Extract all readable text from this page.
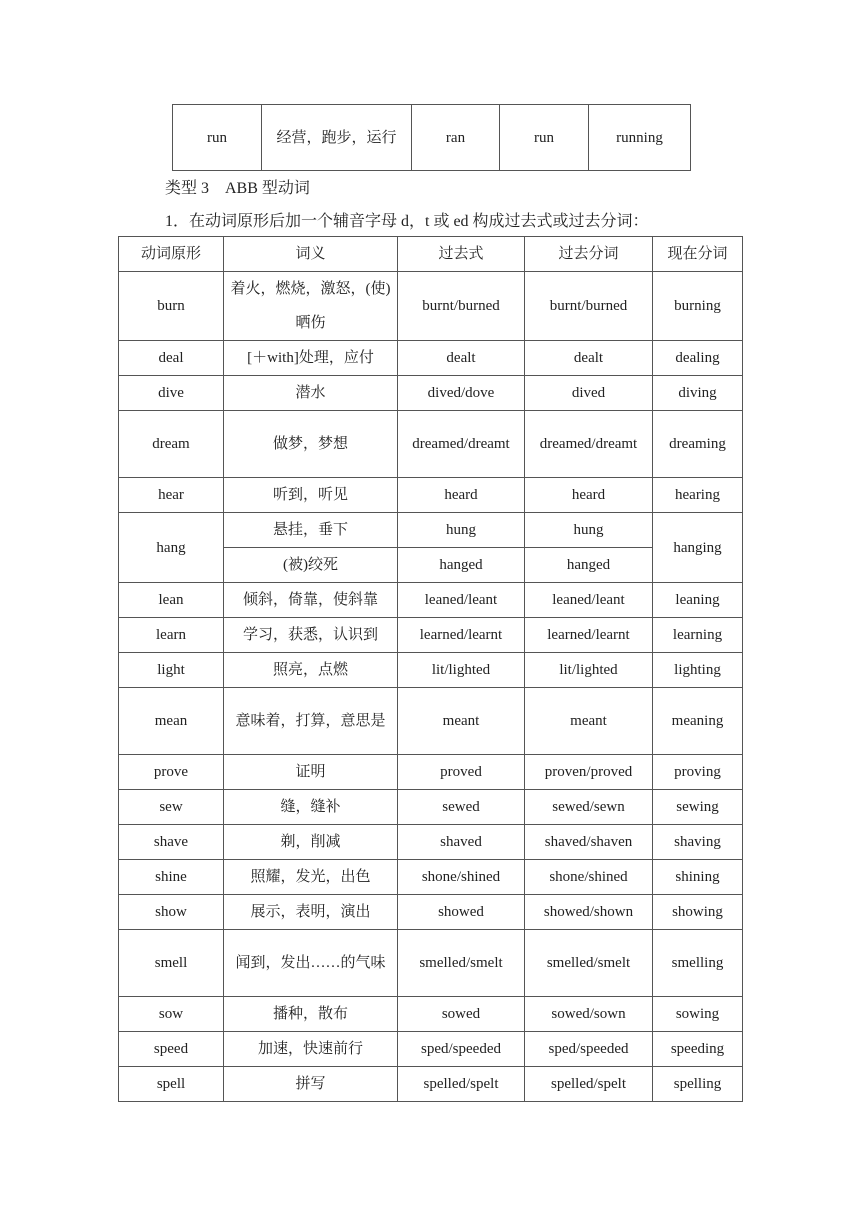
run	经营，跑步，运行	ran	run	running
类型 3　ABB 型动词
1．在动词原形后加一个辅音字母 d，t 或 ed 构成过去式或过去分词：
动词原形	词义	过去式	过去分词	现在分词
burn	着火，燃烧，激怒，(使)晒伤	burnt/burned	burnt/burned	burning
deal	[＋with]处理，应付	dealt	dealt	dealing
dive	潜水	dived/dove	dived	diving
dream	做梦，梦想	dreamed/dreamt	dreamed/dreamt	dreaming
hear	听到，听见	heard	heard	hearing
hang	悬挂，垂下	hung	hung	hanging
	(被)绞死	hanged	hanged	
lean	倾斜，倚靠，使斜靠	leaned/leant	leaned/leant	leaning
learn	学习，获悉，认识到	learned/learnt	learned/learnt	learning
light	照亮，点燃	lit/lighted	lit/lighted	lighting
mean	意味着，打算，意思是	meant	meant	meaning
prove	证明	proved	proven/proved	proving
sew	缝，缝补	sewed	sewed/sewn	sewing
shave	剃，削减	shaved	shaved/shaven	shaving
shine	照耀，发光，出色	shone/shined	shone/shined	shining
show	展示，表明，演出	showed	showed/shown	showing
smell	闻到，发出……的气味	smelled/smelt	smelled/smelt	smelling
sow	播种，散布	sowed	sowed/sown	sowing
speed	加速，快速前行	sped/speeded	sped/speeded	speeding
spell	拼写	spelled/spelt	spelled/spelt	spelling
